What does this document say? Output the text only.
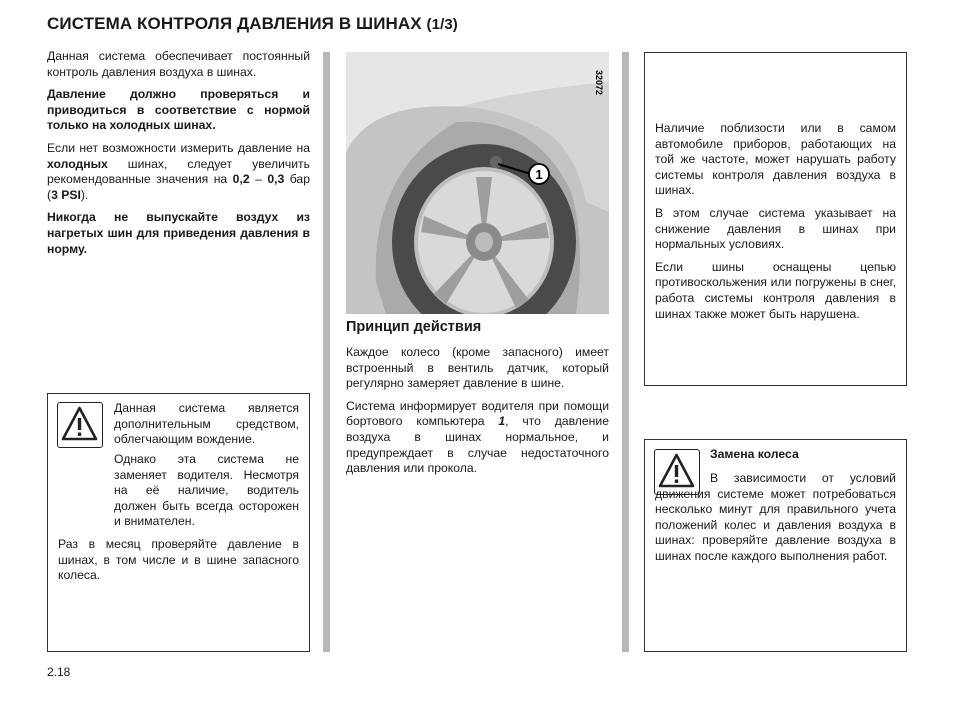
СИСТЕМА КОНТРОЛЯ ДАВЛЕНИЯ В ШИНАХ (1/3)

Данная система обеспечивает постоянный контроль давления воздуха в шинах.

Давление должно проверяться и приводиться в соответствие с нормой только на холодных шинах.

Если нет возможности измерить давление на холодных шинах, следует увеличить рекомендованные значения на 0,2 – 0,3 бар (3 PSI).

Никогда не выпускайте воздух из нагретых шин для приведения давления в норму.

Данная система является дополнительным средством, облегчающим вождение.

Однако эта система не заменяет водителя. Несмотря на её наличие, водитель должен быть всегда осторожен и внимателен.

Раз в месяц проверяйте давление в шинах, в том числе и в шине запасного колеса.

1
32072
Принцип действия

Каждое колесо (кроме запасного) имеет встроенный в вентиль датчик, который регулярно замеряет давление в шине.

Система информирует водителя при помощи бортового компьютера 1, что давление воздуха в шинах нормальное, и предупреждает в случае недостаточного давления или прокола.

Наличие поблизости или в самом автомобиле приборов, работающих на той же частоте, может нарушать работу системы контроля давления воздуха в шинах.

В этом случае система указывает на снижение давления в шинах при нормальных условиях.

Если шины оснащены цепью противоскольжения или погружены в снег, работа системы контроля давления в шинах также может быть нарушена.

Замена колеса

В зависимости от условий движения системе может потребоваться несколько минут для правильного учета положений колес и давления воздуха в шинах: проверяйте давление воздуха в шинах после каждого выполнения работ.

2.18
